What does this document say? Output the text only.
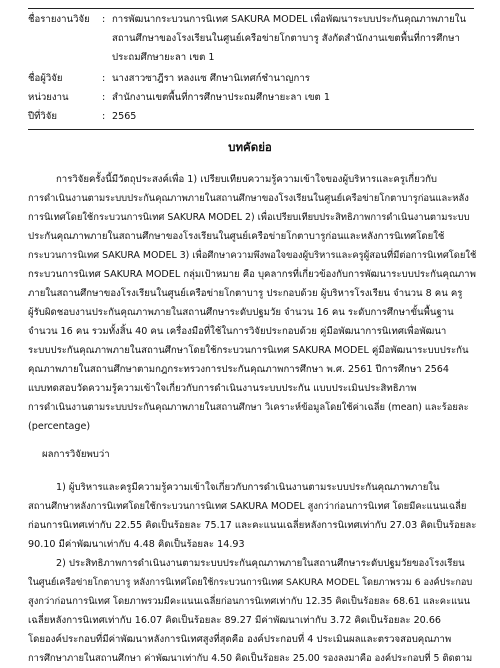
ชื่อรายงานวิจัย	: การพัฒนากระบวนการนิเทศ SAKURA MODEL เพื่อพัฒนาระบบประกันคุณภาพภายใน
สถานศึกษาของโรงเรียนในศูนย์เครือข่ายโกตาบารู สังกัดสำนักงานเขตพื้นที่การศึกษา
ประถมศึกษายะลา เขต 1
ชื่อผู้วิจัย	: นางสาวซาฎีรา หลงแซ ศึกษานิเทศก์ชำนาญการ
หน่วยงาน	: สำนักงานเขตพื้นที่การศึกษาประถมศึกษายะลา เขต 1
ปีที่วิจัย	: 2565
บทคัดย่อ
การวิจัยครั้งนี้มีวัตถุประสงค์เพื่อ 1) เปรียบเทียบความรู้ความเข้าใจของผู้บริหารและครูเกี่ยวกับ
การดำเนินงานตามระบบประกันคุณภาพภายในสถานศึกษาของโรงเรียนในศูนย์เครือข่ายโกตาบารูก่อนและหลัง
การนิเทศโดยใช้กระบวนการนิเทศ SAKURA MODEL 2) เพื่อเปรียบเทียบประสิทธิภาพการดำเนินงานตามระบบ
ประกันคุณภาพภายในสถานศึกษาของโรงเรียนในศูนย์เครือข่ายโกตาบารูก่อนและหลังการนิเทศโดยใช้
กระบวนการนิเทศ SAKURA MODEL 3) เพื่อศึกษาความพึงพอใจของผู้บริหารและครูผู้สอนที่มีต่อการนิเทศโดยใช้
กระบวนการนิเทศ SAKURA MODEL กลุ่มเป้าหมาย คือ บุคลากรที่เกี่ยวข้องกับการพัฒนาระบบประกันคุณภาพ
ภายในสถานศึกษาของโรงเรียนในศูนย์เครือข่ายโกตาบารู ประกอบด้วย ผู้บริหารโรงเรียน จำนวน 8 คน ครู
ผู้รับผิดชอบงานประกันคุณภาพภายในสถานศึกษาระดับปฐมวัย จำนวน 16 คน ระดับการศึกษาขั้นพื้นฐาน
จำนวน 16 คน รวมทั้งสิ้น 40 คน เครื่องมือที่ใช้ในการวิจัยประกอบด้วย คู่มือพัฒนาการนิเทศเพื่อพัฒนา
ระบบประกันคุณภาพภายในสถานศึกษาโดยใช้กระบวนการนิเทศ SAKURA MODEL คู่มือพัฒนาระบบประกัน
คุณภาพภายในสถานศึกษาตามกฎกระทรวงการประกันคุณภาพการศึกษา พ.ศ. 2561 ปีการศึกษา 2564
แบบทดสอบวัดความรู้ความเข้าใจเกี่ยวกับการดำเนินงานระบบประกัน แบบประเมินประสิทธิภาพ
การดำเนินงานตามระบบประกันคุณภาพภายในสถานศึกษา วิเคราะห์ข้อมูลโดยใช้ค่าเฉลี่ย (mean) และร้อยละ
(percentage)
ผลการวิจัยพบว่า
1) ผู้บริหารและครูมีความรู้ความเข้าใจเกี่ยวกับการดำเนินงานตามระบบประกันคุณภาพภายใน
สถานศึกษาหลังการนิเทศโดยใช้กระบวนการนิเทศ SAKURA MODEL สูงกว่าก่อนการนิเทศ โดยมีคะแนนเฉลี่ย
ก่อนการนิเทศเท่ากับ 22.55 คิดเป็นร้อยละ 75.17 และคะแนนเฉลี่ยหลังการนิเทศเท่ากับ 27.03 คิดเป็นร้อยละ
90.10 มีค่าพัฒนาเท่ากับ 4.48 คิดเป็นร้อยละ 14.93
2) ประสิทธิภาพการดำเนินงานตามระบบประกันคุณภาพภายในสถานศึกษาระดับปฐมวัยของโรงเรียน
ในศูนย์เครือข่ายโกตาบารู หลังการนิเทศโดยใช้กระบวนการนิเทศ SAKURA MODEL โดยภาพรวม 6 องค์ประกอบ
สูงกว่าก่อนการนิเทศ โดยภาพรวมมีคะแนนเฉลี่ยก่อนการนิเทศเท่ากับ 12.35 คิดเป็นร้อยละ 68.61 และคะแนน
เฉลี่ยหลังการนิเทศเท่ากับ 16.07 คิดเป็นร้อยละ 89.27 มีค่าพัฒนาเท่ากับ 3.72 คิดเป็นร้อยละ 20.66
โดยองค์ประกอบที่มีค่าพัฒนาหลังการนิเทศสูงที่สุดคือ องค์ประกอบที่ 4 ประเมินผลและตรวจสอบคุณภาพ
การศึกษาภายในสถานศึกษา ค่าพัฒนาเท่ากับ 4.50 คิดเป็นร้อยละ 25.00 รองลงมาคือ องค์ประกอบที่ 5 ติดตาม
